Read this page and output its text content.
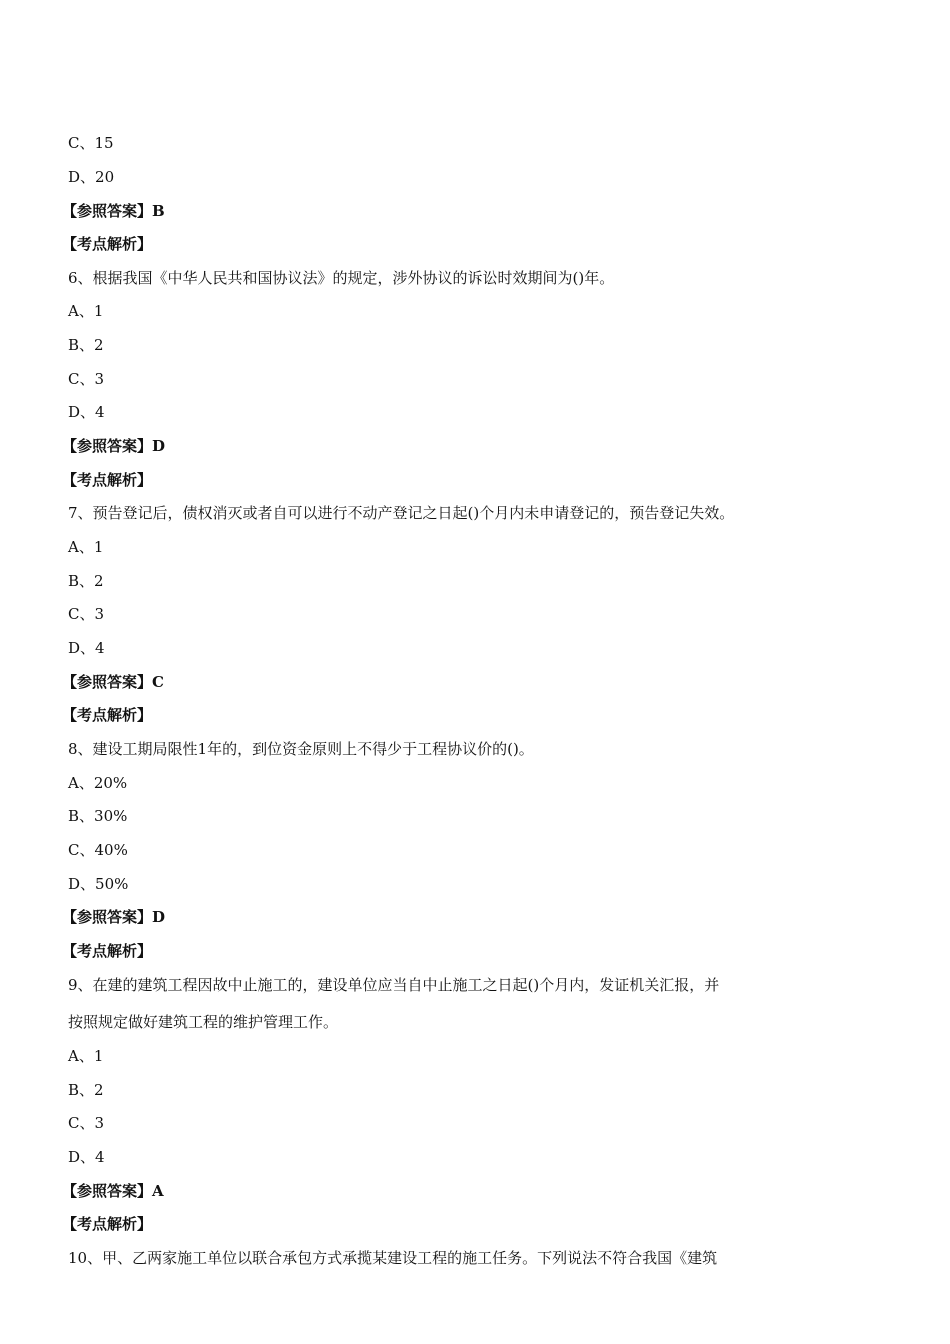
C、15
D、20
【参照答案】B
【考点解析】
6、根据我国《中华人民共和国协议法》的规定，涉外协议的诉讼时效期间为()年。
A、1
B、2
C、3
D、4
【参照答案】D
【考点解析】
7、预告登记后，债权消灭或者自可以进行不动产登记之日起()个月内未申请登记的，预告登记失效。
A、1
B、2
C、3
D、4
【参照答案】C
【考点解析】
8、建设工期局限性1年的，到位资金原则上不得少于工程协议价的()。
A、20%
B、30%
C、40%
D、50%
【参照答案】D
【考点解析】
9、在建的建筑工程因故中止施工的，建设单位应当自中止施工之日起()个月内，发证机关汇报，并
按照规定做好建筑工程的维护管理工作。
A、1
B、2
C、3
D、4
【参照答案】A
【考点解析】
10、甲、乙两家施工单位以联合承包方式承揽某建设工程的施工任务。下列说法不符合我国《建筑
